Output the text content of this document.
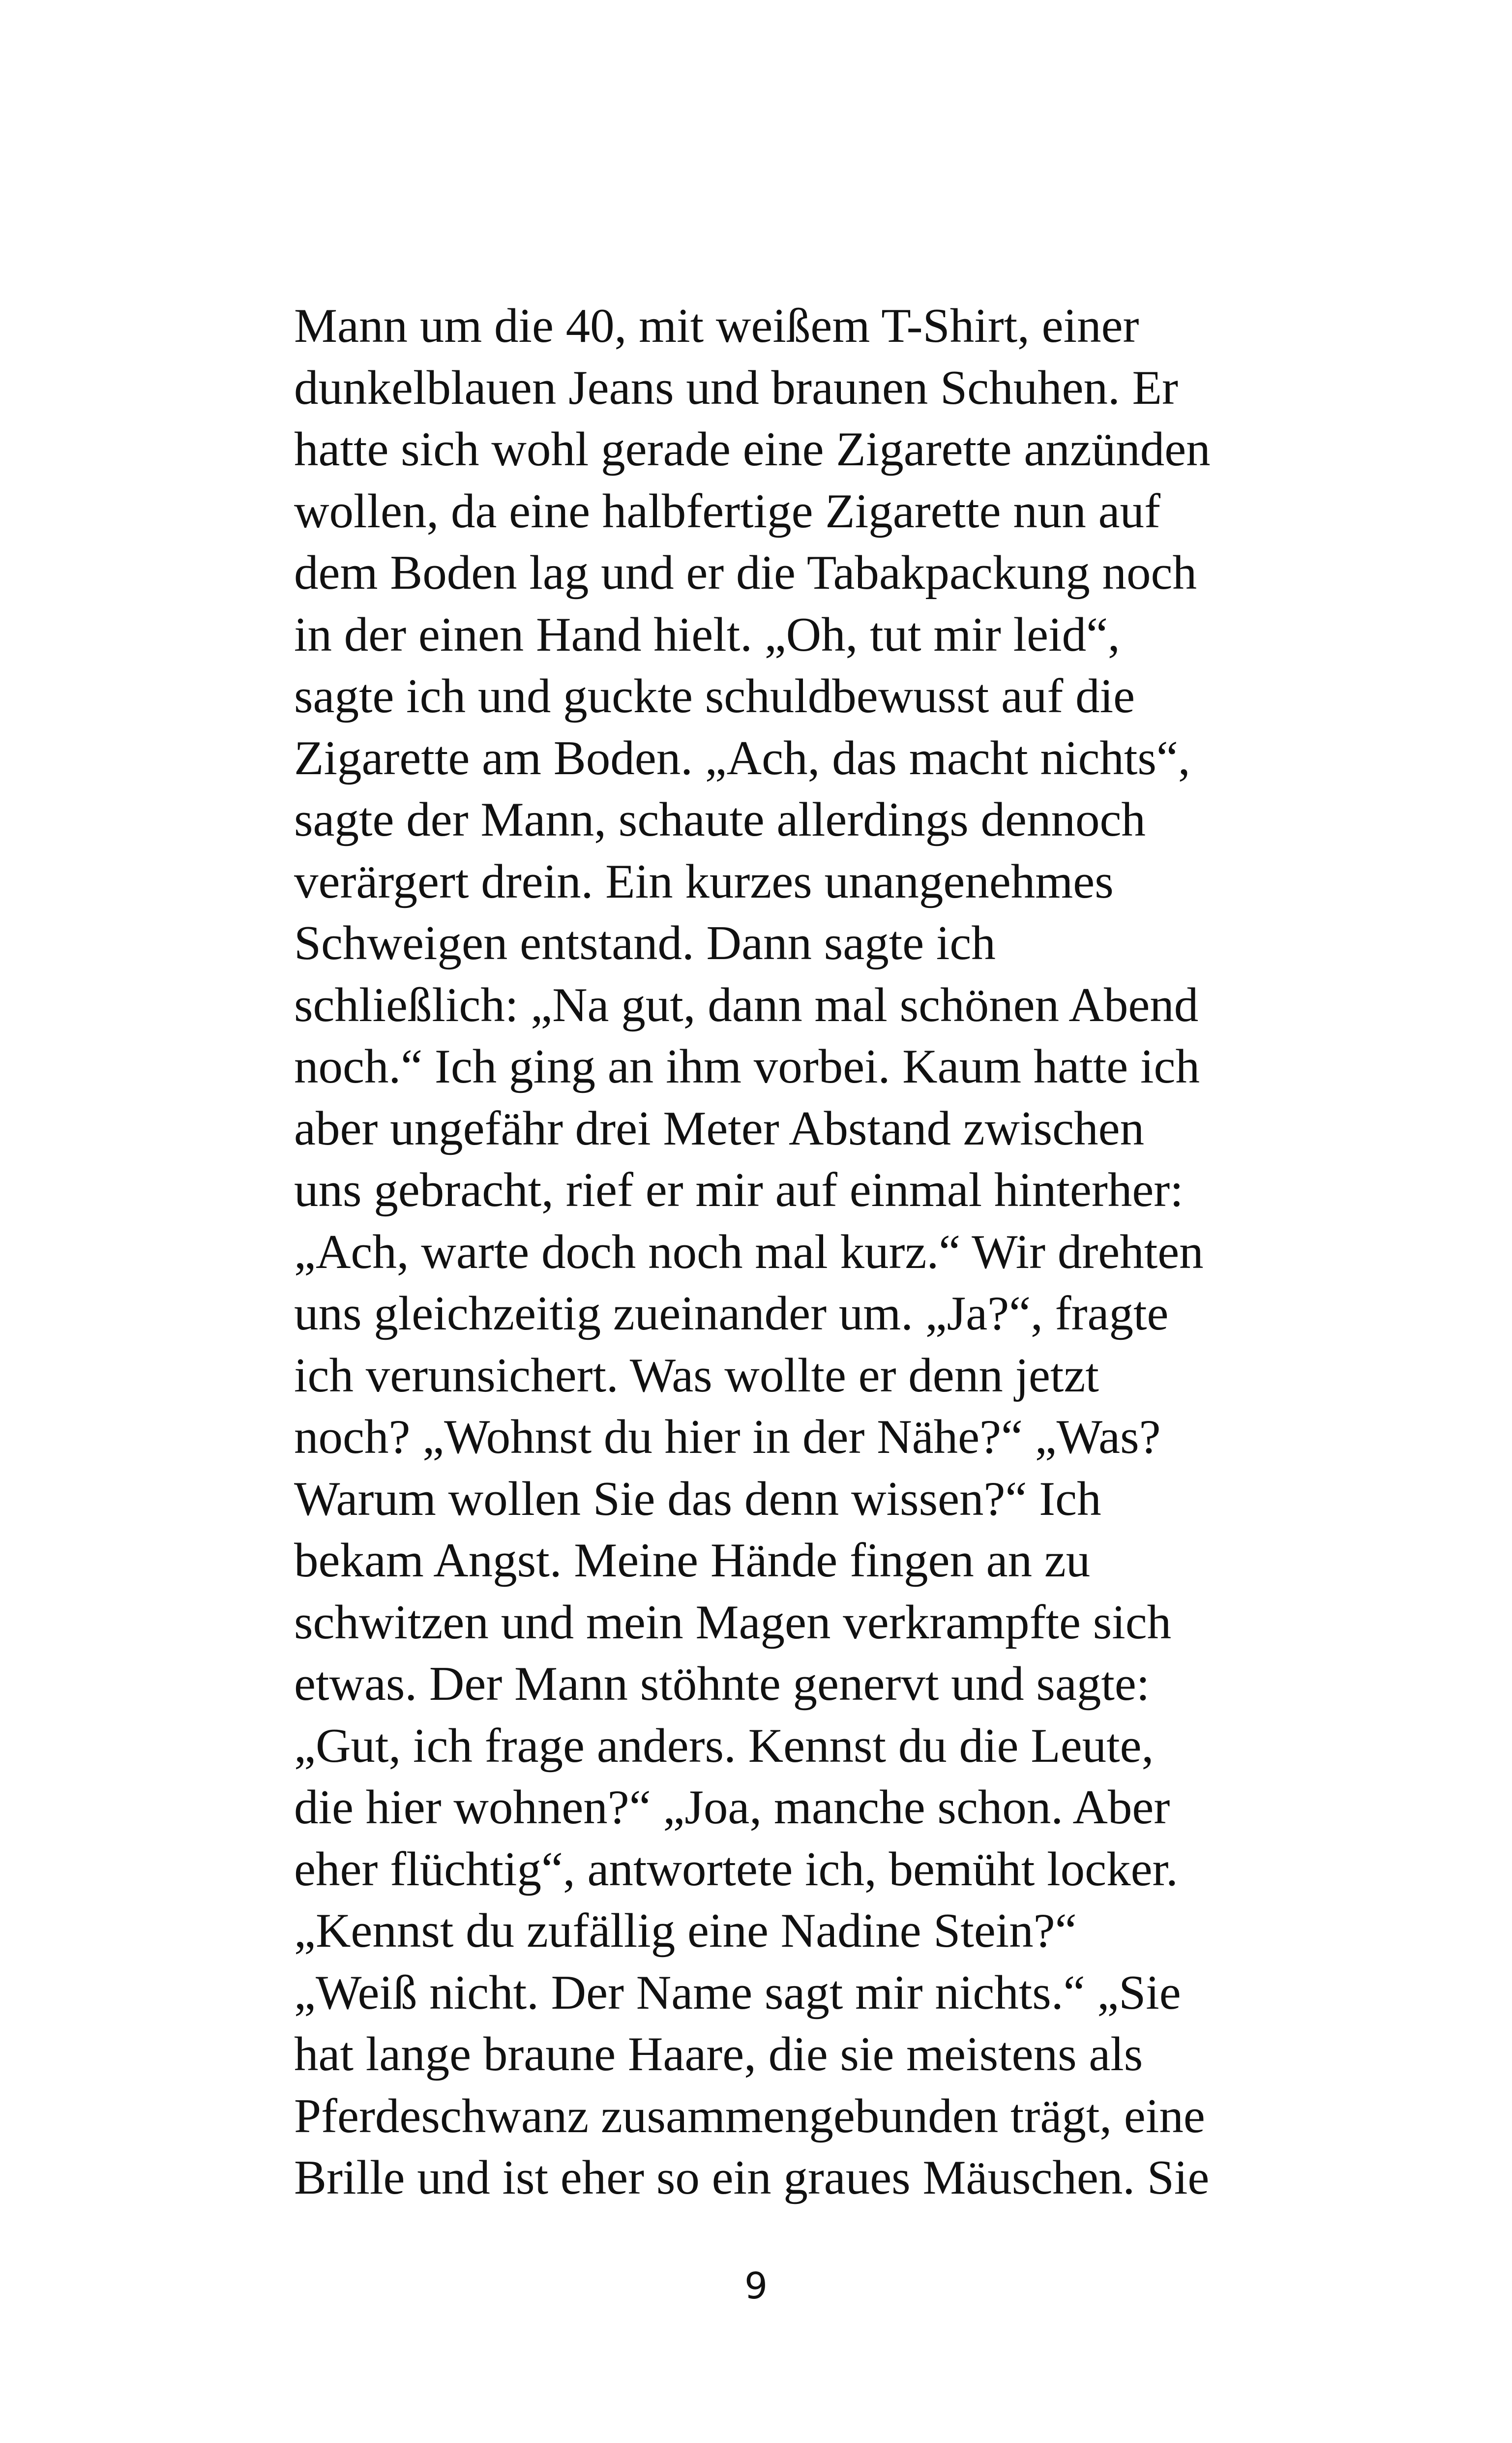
Mann um die 40, mit weißem T-Shirt, einer
dunkelblauen Jeans und braunen Schuhen. Er
hatte sich wohl gerade eine Zigarette anzünden
wollen, da eine halbfertige Zigarette nun auf
dem Boden lag und er die Tabakpackung noch
in der einen Hand hielt. „Oh, tut mir leid“,
sagte ich und guckte schuldbewusst auf die
Zigarette am Boden. „Ach, das macht nichts“,
sagte der Mann, schaute allerdings dennoch
verärgert drein. Ein kurzes unangenehmes
Schweigen entstand. Dann sagte ich
schließlich: „Na gut, dann mal schönen Abend
noch.“ Ich ging an ihm vorbei. Kaum hatte ich
aber ungefähr drei Meter Abstand zwischen
uns gebracht, rief er mir auf einmal hinterher:
„Ach, warte doch noch mal kurz.“ Wir drehten
uns gleichzeitig zueinander um. „Ja?“, fragte
ich verunsichert. Was wollte er denn jetzt
noch? „Wohnst du hier in der Nähe?“ „Was?
Warum wollen Sie das denn wissen?“ Ich
bekam Angst. Meine Hände fingen an zu
schwitzen und mein Magen verkrampfte sich
etwas. Der Mann stöhnte genervt und sagte:
„Gut, ich frage anders. Kennst du die Leute,
die hier wohnen?“ „Joa, manche schon. Aber
eher flüchtig“, antwortete ich, bemüht locker.
„Kennst du zufällig eine Nadine Stein?“
„Weiß nicht. Der Name sagt mir nichts.“ „Sie
hat lange braune Haare, die sie meistens als
Pferdeschwanz zusammengebunden trägt, eine
Brille und ist eher so ein graues Mäuschen. Sie
9
